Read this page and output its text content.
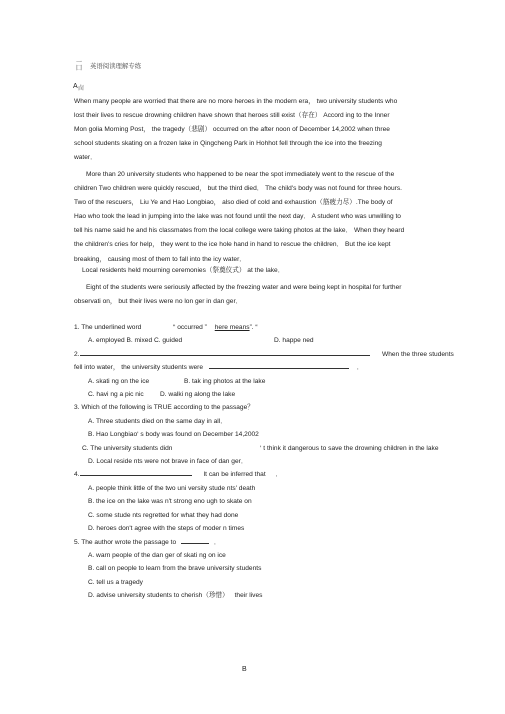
一
囗 英语阅读理解专练
A 卣

When many people are worried that there are no more heroes in the modern era， two university students who

lost their lives to rescue drowning children have shown that heroes still exist（存在） Accord ing to the Inner

Mon golia Morning Post， the tragedy（悲剧） occurred on the after noon of December 14,2002 when three

school students skating on a frozen lake in Qingcheng Park in Hohhot fell through the ice into the freezing

water．

More than 20 university students who happened to be near the spot immediately went to the rescue of the

children Two children were quickly rescued， but the third died． The child's body was not found for three hours.

Two of the rescuers， Liu Ye and Hao Longbiao， also died of cold and exhaustion（筋疲力尽）.The body of

Hao who took the lead in jumping into the lake was not found until the next day． A student who was unwilling to

tell his name said he and his classmates from the local college were taking photos at the lake． When they heard

the children's cries for help， they went to the ice hole hand in hand to rescue the children． But the ice kept

breaking， causing most of them to fall into the icy water．

Local residents held mourning ceremonies（祭奠仪式） at the lake．

Eight of the students were seriously affected by the freezing water and were being kept in hospital for further

observati on， but their lives were no lon ger in dan ger．

1. The underlined word	“ occurred ” here means”. “
A. employed B. mixed C. guided	D. happe ned
2.	When the three students
fell into water， the university students were	．
A. skati ng on the ice	B. tak ing photos at the lake
C. havi ng a pic nic D. walki ng along the lake
3. Which of the following is TRUE according to the passage？
A. Three students died on the same day in all．
B. Hao Longbiao‘ s body was found on December 14,2002
C. The university students didn	‘ t think it dangerous to save the drowning children in the lake
D. Local reside nts were not brave in face of dan ger．
4.	It can be inferred that ．
A. people think little of the two uni versity stude nts' death
B. the ice on the lake was n't strong eno ugh to skate on
C. some stude nts regretted for what they had done
D. heroes don't agree with the steps of moder n times
5. The author wrote the passage to	．
A. warn people of the dan ger of skati ng on ice
B. call on people to learn from the brave university students
C. tell us a tragedy
D. advise university students to cherish（珍惜） their lives
B
